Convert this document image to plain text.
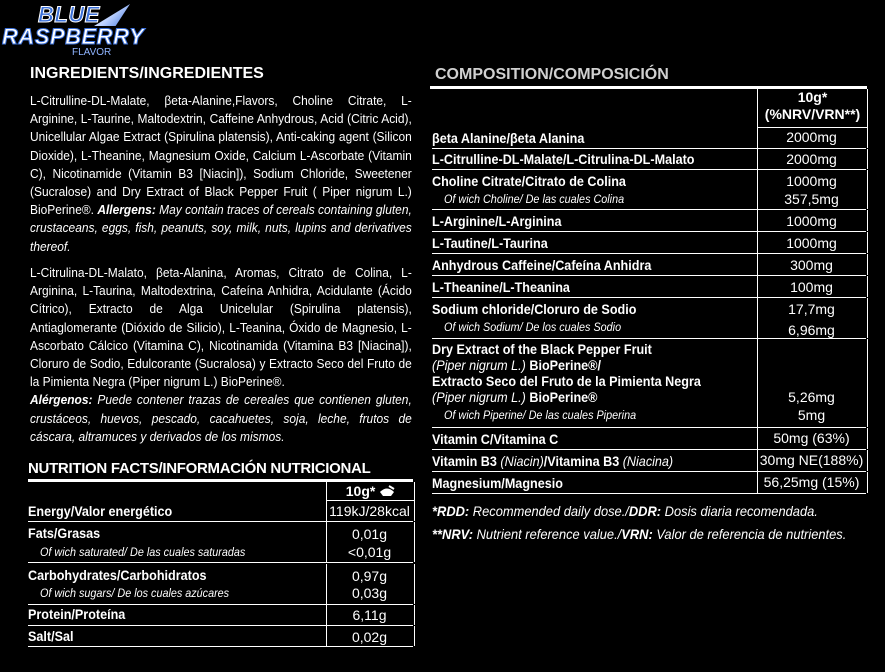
BLUE
RASPBERRY
FLAVOR
INGREDIENTS/INGREDIENTES
L-Citrulline-DL-Malate, βeta-Alanine,Flavors, Choline Citrate, L-Arginine, L-Taurine, Maltodextrin, Caffeine Anhydrous, Acid (Citric Acid), Unicellular Algae Extract (Spirulina platensis), Anti-caking agent (Silicon Dioxide), L-Theanine, Magnesium Oxide, Calcium L-Ascorbate (Vitamin C), Nicotinamide (Vitamin B3 [Niacin]), Sodium Chloride, Sweetener (Sucralose) and Dry Extract of Black Pepper Fruit ( Piper nigrum L.) BioPerine®. Allergens: May contain traces of cereals containing gluten, crustaceans, eggs, fish, peanuts, soy, milk, nuts, lupins and derivatives thereof.
L-Citrulina-DL-Malato, βeta-Alanina, Aromas, Citrato de Colina, L-Arginina, L-Taurina, Maltodextrina, Cafeína Anhidra, Acidulante (Ácido Cítrico), Extracto de Alga Unicelular (Spirulina platensis), Antiaglomerante (Dióxido de Silicio), L-Teanina, Óxido de Magnesio, L-Ascorbato Cálcico (Vitamina C), Nicotinamida (Vitamina B3 [Niacina]), Cloruro de Sodio, Edulcorante (Sucralosa) y Extracto Seco del Fruto de la Pimienta Negra (Piper nigrum L.) BioPerine®.
Alérgenos: Puede contener trazas de cereales que contienen gluten, crustáceos, huevos, pescado, cacahuetes, soja, leche, frutos de cáscara, altramuces y derivados de los mismos.
NUTRITION FACTS/INFORMACIÓN NUTRICIONAL
10g*
Energy/Valor energético	119kJ/28kcal
Fats/Grasas	0,01g
Of wich saturated/ De las cuales saturadas	<0,01g
Carbohydrates/Carbohidratos	0,97g
Of wich sugars/ De los cuales azúcares	0,03g
Protein/Proteína	6,11g
Salt/Sal	0,02g
COMPOSITION/COMPOSICIÓN
10g*
(%NRV/VRN**)
βeta Alanine/βeta Alanina	2000mg
L-Citrulline-DL-Malate/L-Citrulina-DL-Malato	2000mg
Choline Citrate/Citrato de Colina	1000mg
Of wich Choline/ De las cuales Colina	357,5mg
L-Arginine/L-Arginina	1000mg
L-Tautine/L-Taurina	1000mg
Anhydrous Caffeine/Cafeína Anhidra	300mg
L-Theanine/L-Theanina	100mg
Sodium chloride/Cloruro de Sodio	17,7mg
Of wich Sodium/ De los cuales Sodio	6,96mg
Dry Extract of the Black Pepper Fruit
(Piper nigrum L.) BioPerine®/
Extracto Seco del Fruto de la Pimienta Negra
(Piper nigrum L.) BioPerine®	5,26mg
Of wich Piperine/ De las cuales Piperina	5mg
Vitamin C/Vitamina C	50mg (63%)
Vitamin B3 (Niacin)/Vitamina B3 (Niacina)	30mg NE(188%)
Magnesium/Magnesio	56,25mg (15%)
*RDD: Recommended daily dose./DDR: Dosis diaria recomendada.
**NRV: Nutrient reference value./VRN: Valor de referencia de nutrientes.
